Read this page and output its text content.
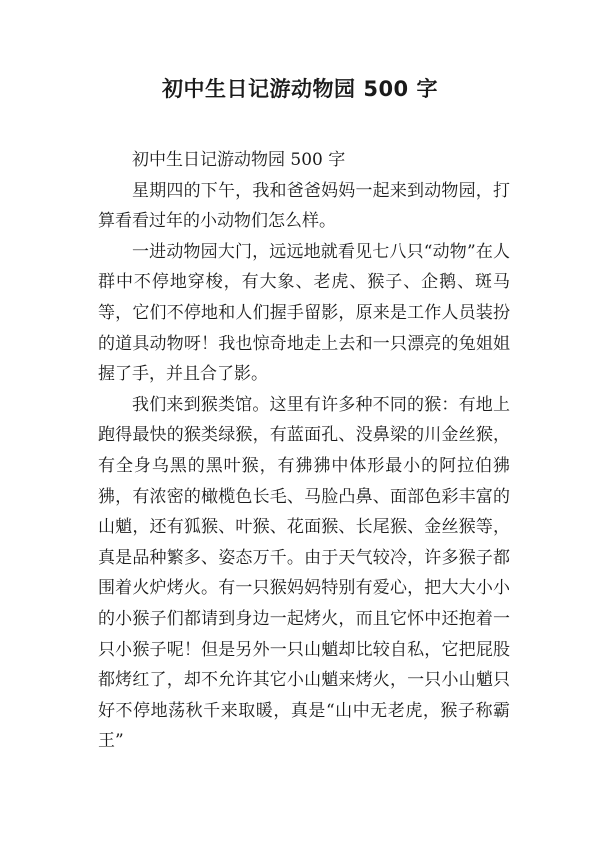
初中生日记游动物园 500 字

初中生日记游动物园 500 字

星期四的下午，我和爸爸妈妈一起来到动物园，打算看看过年的小动物们怎么样。

一进动物园大门，远远地就看见七八只“动物”在人群中不停地穿梭，有大象、老虎、猴子、企鹅、斑马等，它们不停地和人们握手留影，原来是工作人员装扮的道具动物呀！我也惊奇地走上去和一只漂亮的兔姐姐握了手，并且合了影。

我们来到猴类馆。这里有许多种不同的猴：有地上跑得最快的猴类绿猴，有蓝面孔、没鼻梁的川金丝猴，有全身乌黑的黑叶猴，有狒狒中体形最小的阿拉伯狒狒，有浓密的橄榄色长毛、马脸凸鼻、面部色彩丰富的山魈，还有狐猴、叶猴、花面猴、长尾猴、金丝猴等，真是品种繁多、姿态万千。由于天气较冷，许多猴子都围着火炉烤火。有一只猴妈妈特别有爱心，把大大小小的小猴子们都请到身边一起烤火，而且它怀中还抱着一只小猴子呢！但是另外一只山魈却比较自私，它把屁股都烤红了，却不允许其它小山魈来烤火，一只小山魈只好不停地荡秋千来取暖，真是“山中无老虎，猴子称霸王”
